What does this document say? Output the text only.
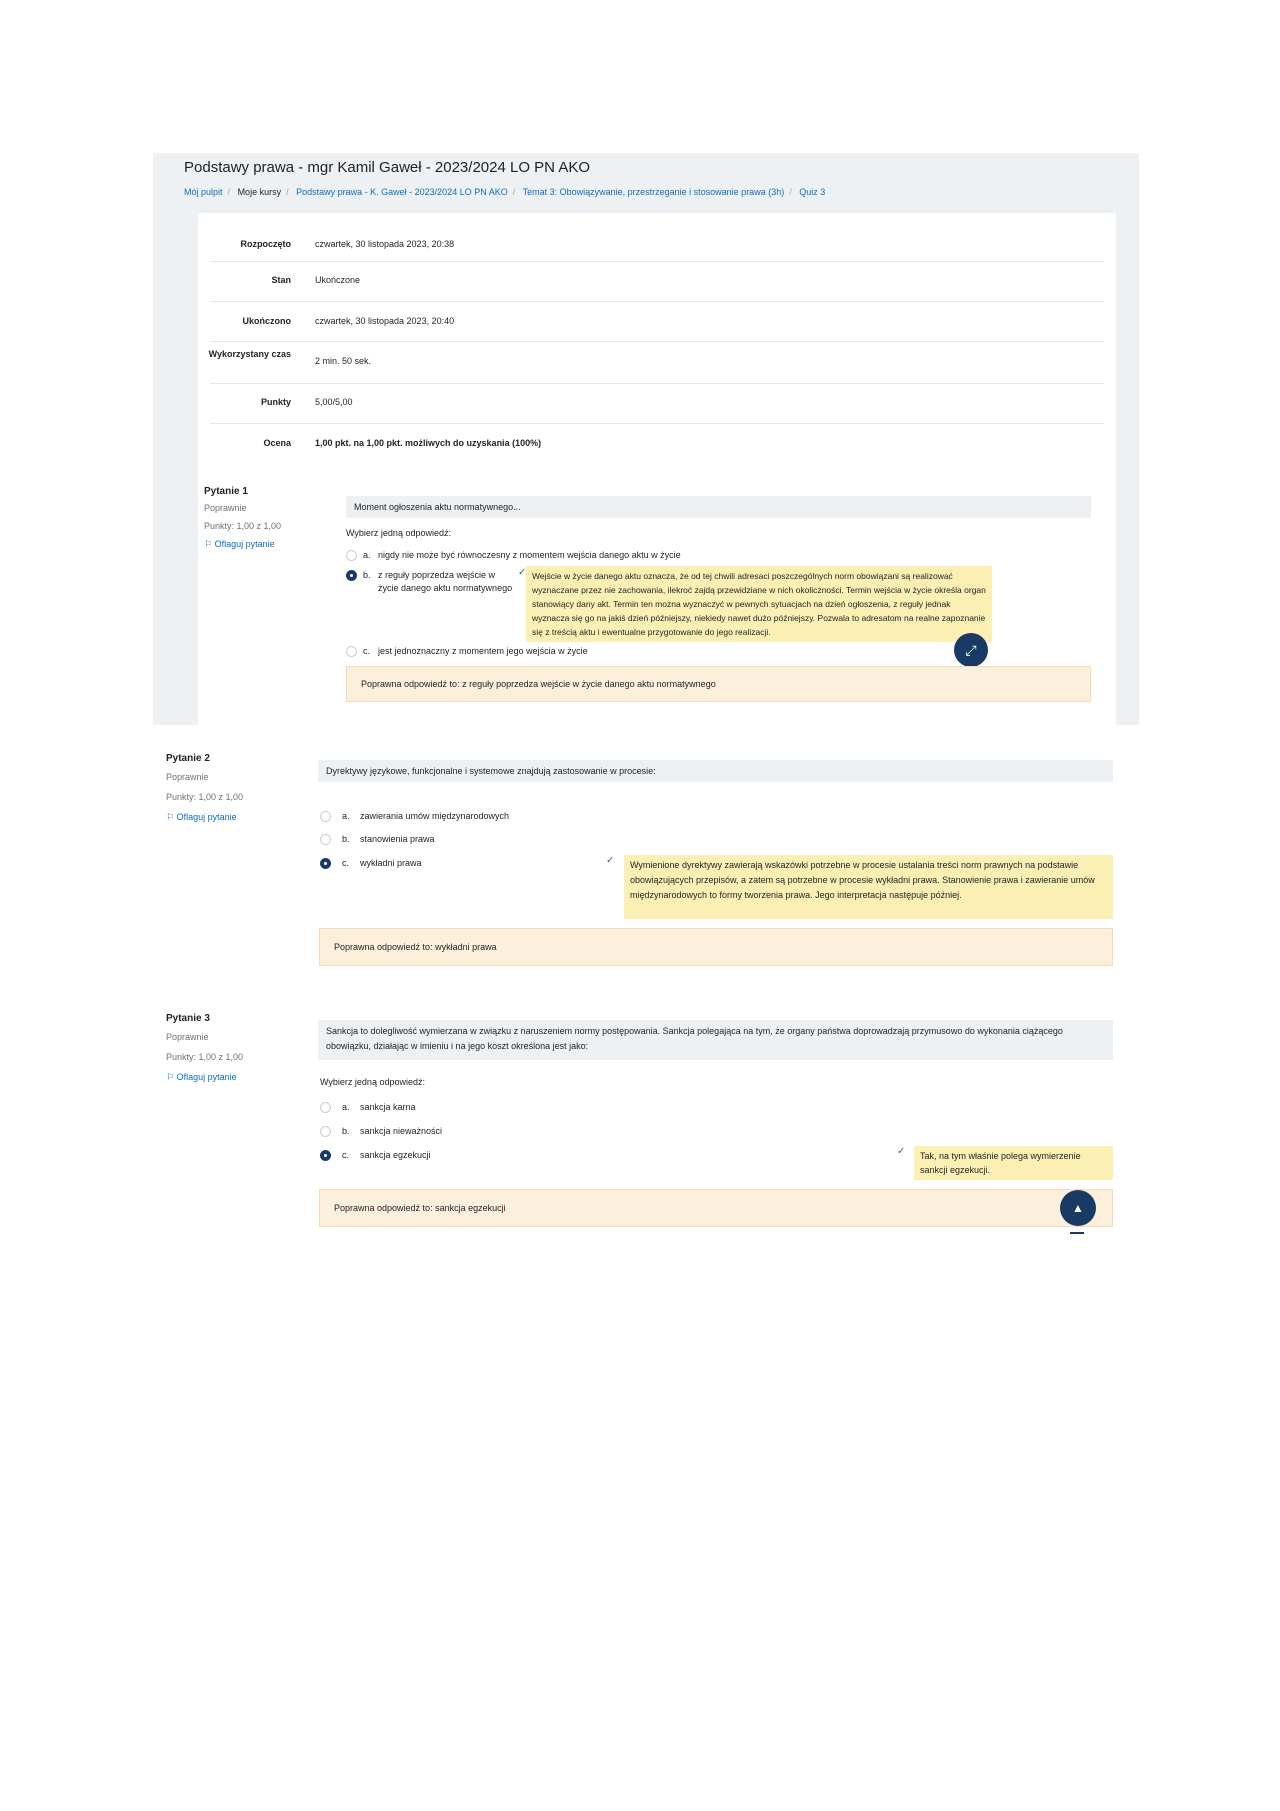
Podstawy prawa - mgr Kamil Gaweł - 2023/2024 LO PN AKO
Mój pulpit / Moje kursy / Podstawy prawa - K. Gaweł - 2023/2024 LO PN AKO / Temat 3: Obowiązywanie, przestrzeganie i stosowanie prawa (3h) / Quiz 3
Rozpoczęto	czwartek, 30 listopada 2023, 20:38
Stan	Ukończone
Ukończono	czwartek, 30 listopada 2023, 20:40
Wykorzystany czas
2 min. 50 sek.
Punkty	5,00/5,00
Ocena	1,00 pkt. na 1,00 pkt. możliwych do uzyskania (100%)
Pytanie 1
Poprawnie
Punkty: 1,00 z 1,00
⚐ Oflaguj pytanie
Moment ogłoszenia aktu normatywnego...
Wybierz jedną odpowiedź:
a. nigdy nie może być równoczesny z momentem wejścia danego aktu w życie
b. z reguły poprzedza wejście w życie danego aktu normatywnego
✓ Wejście w życie danego aktu oznacza, że od tej chwili adresaci poszczególnych norm obowiązani są realizować wyznaczane przez nie zachowania, ilekroć zajdą przewidziane w nich okoliczności. Termin wejścia w życie określa organ stanowiący dany akt. Termin ten można wyznaczyć w pewnych sytuacjach na dzień ogłoszenia, z reguły jednak wyznacza się go na jakiś dzień późniejszy, niekiedy nawet dużo późniejszy. Pozwala to adresatom na realne zapoznanie się z treścią aktu i ewentualne przygotowanie do jego realizacji.
c. jest jednoznaczny z momentem jego wejścia w życie	⤢
Poprawna odpowiedź to: z reguły poprzedza wejście w życie danego aktu normatywnego
Pytanie 2
Poprawnie
Punkty: 1,00 z 1,00
⚐ Oflaguj pytanie
Dyrektywy językowe, funkcjonalne i systemowe znajdują zastosowanie w procesie:
a. zawierania umów międzynarodowych
b. stanowienia prawa
c. wykładni prawa	✓	Wymienione dyrektywy zawierają wskazówki potrzebne w procesie ustalania treści norm prawnych na podstawie obowiązujących przepisów, a zatem są potrzebne w procesie wykładni prawa. Stanowienie prawa i zawieranie umów międzynarodowych to formy tworzenia prawa. Jego interpretacja następuje później.
Poprawna odpowiedź to: wykładni prawa
Pytanie 3
Poprawnie
Punkty: 1,00 z 1,00
⚐ Oflaguj pytanie
Sankcja to dolegliwość wymierzana w związku z naruszeniem normy postępowania. Sankcja polegająca na tym, że organy państwa doprowadzają przymusowo do wykonania ciążącego obowiązku, działając w imieniu i na jego koszt określona jest jako:
Wybierz jedną odpowiedź:
a. sankcja karna
b. sankcja nieważności
c. sankcja egzekucji	✓	Tak, na tym właśnie polega wymierzenie sankcji egzekucji.
Poprawna odpowiedź to: sankcja egzekucji	▲
